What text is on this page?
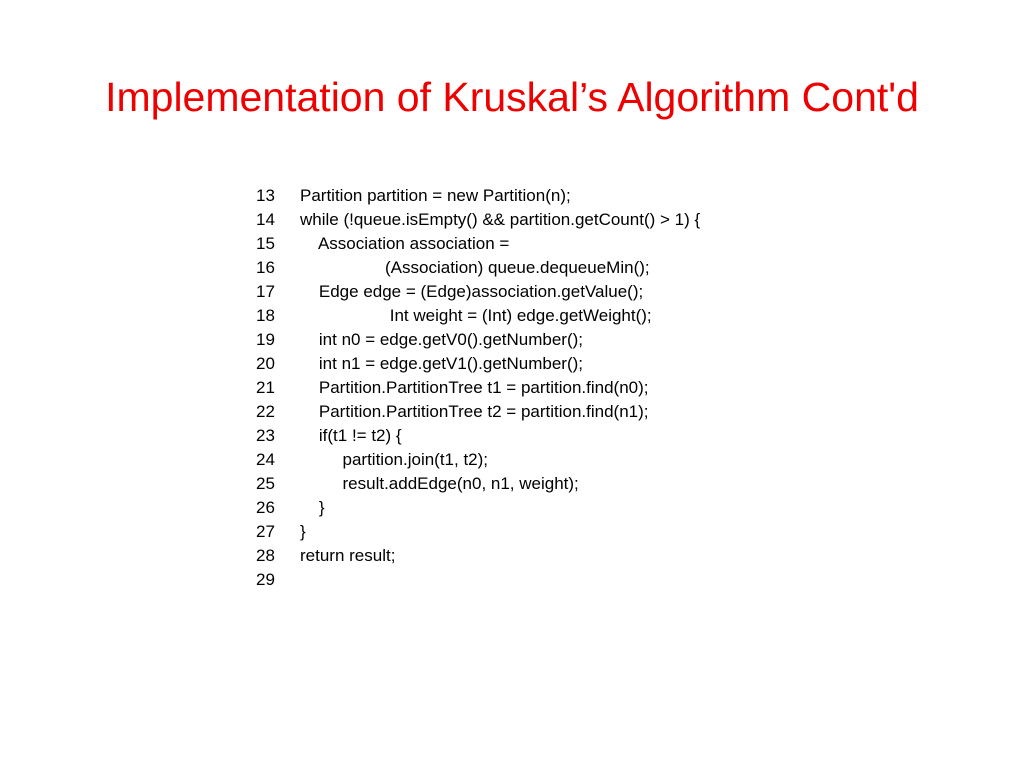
Implementation of Kruskal’s Algorithm Cont'd
13 Partition partition = new Partition(n);
14 while (!queue.isEmpty() && partition.getCount() > 1) {
15 Association association =
16 (Association) queue.dequeueMin();
17 Edge edge = (Edge)association.getValue();
18 Int weight = (Int) edge.getWeight();
19 int n0 = edge.getV0().getNumber();
20 int n1 = edge.getV1().getNumber();
21 Partition.PartitionTree t1 = partition.find(n0);
22 Partition.PartitionTree t2 = partition.find(n1);
23 if(t1 != t2) {
24 partition.join(t1, t2);
25 result.addEdge(n0, n1, weight);
26 }
27 }
28 return result;
29
